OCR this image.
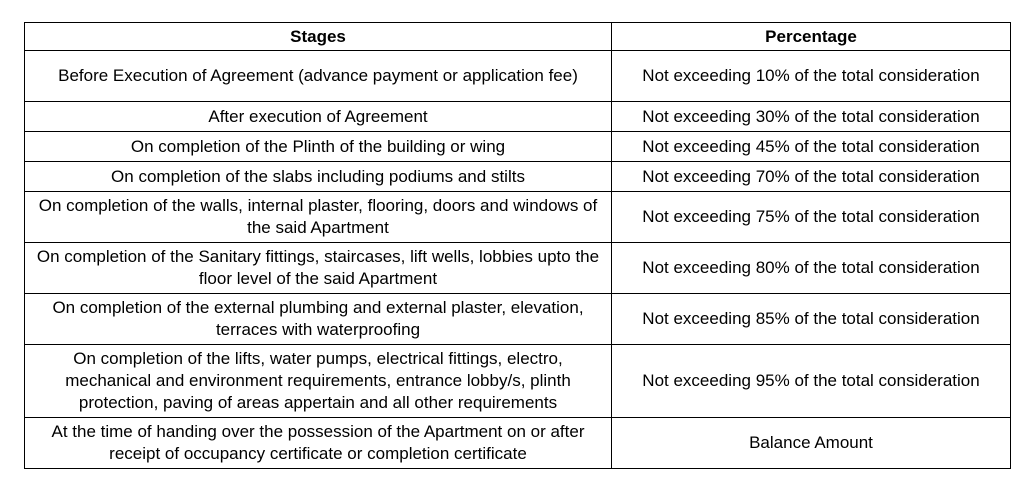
Stages	Percentage
Before Execution of Agreement (advance payment or application fee)	Not exceeding 10% of the total consideration
After execution of Agreement	Not exceeding 30% of the total consideration
On completion of the Plinth of the building or wing	Not exceeding 45% of the total consideration
On completion of the slabs including podiums and stilts	Not exceeding 70% of the total consideration
On completion of the walls, internal plaster, flooring, doors and windows of the said Apartment	Not exceeding 75% of the total consideration
On completion of the Sanitary fittings, staircases, lift wells, lobbies upto the floor level of the said Apartment	Not exceeding 80% of the total consideration
On completion of the external plumbing and external plaster, elevation, terraces with waterproofing	Not exceeding 85% of the total consideration
On completion of the lifts, water pumps, electrical fittings, electro, mechanical and environment requirements, entrance lobby/s, plinth protection, paving of areas appertain and all other requirements	Not exceeding 95% of the total consideration
At the time of handing over the possession of the Apartment on or after receipt of occupancy certificate or completion certificate	Balance Amount
